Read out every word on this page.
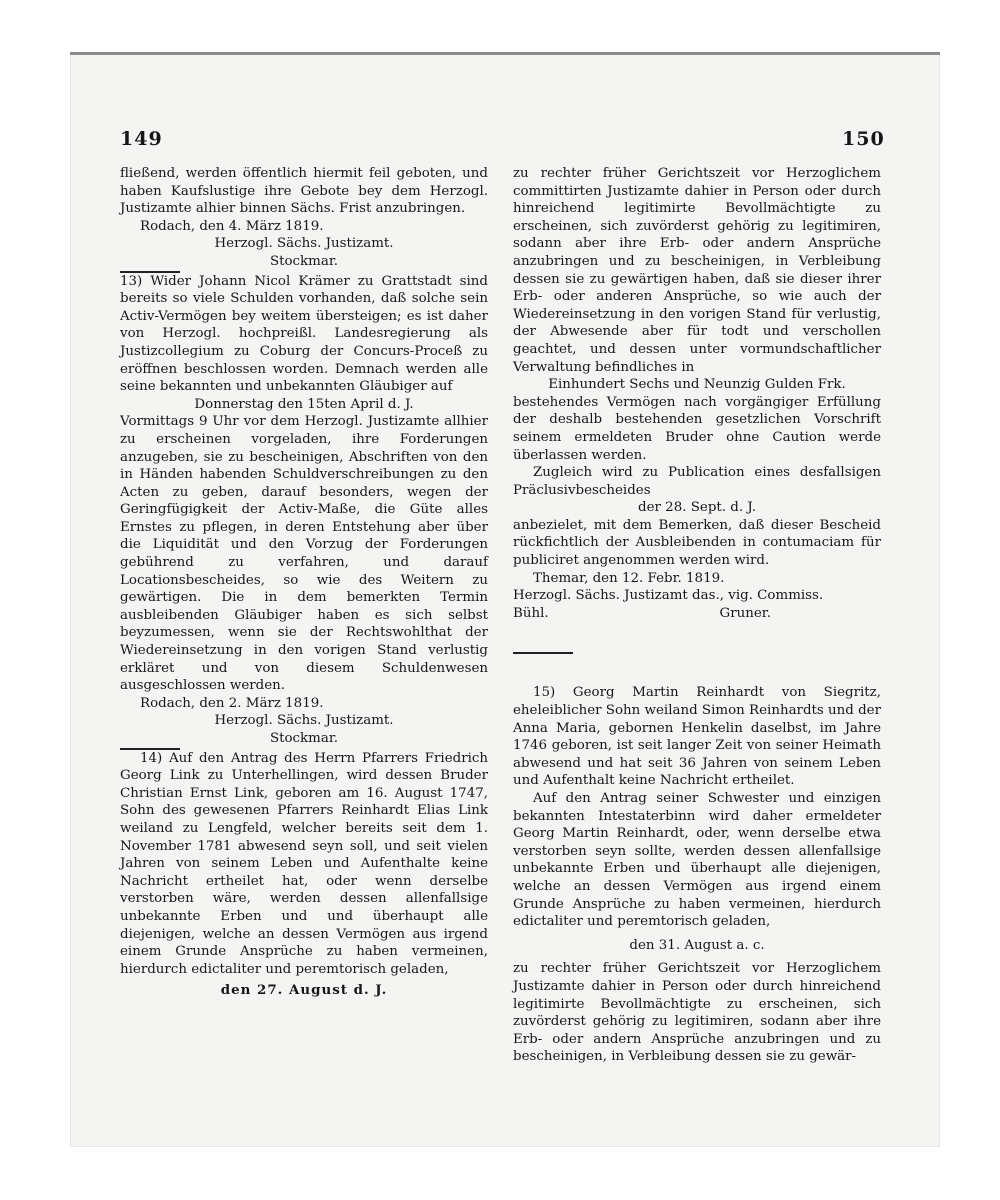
149	150

fließend, werden öffentlich hiermit feil geboten, und haben Kaufslustige ihre Gebote bey dem Herzogl. Justizamte alhier binnen Sächs. Frist anzubringen.

Rodach, den 4. März 1819.

Herzogl. Sächs. Justizamt.

Stockmar.

13) Wider Johann Nicol Krämer zu Grattstadt sind bereits so viele Schulden vorhanden, daß solche sein Activ-Vermögen bey weitem übersteigen; es ist daher von Herzogl. hochpreißl. Landesregierung als Justizcollegium zu Coburg der Concurs-Proceß zu eröffnen beschlossen worden. Demnach werden alle seine bekannten und unbekannten Gläubiger auf

Donnerstag den 15ten April d. J.

Vormittags 9 Uhr vor dem Herzogl. Justizamte allhier zu erscheinen vorgeladen, ihre Forderungen anzugeben, sie zu bescheinigen, Abschriften von den in Händen habenden Schuldverschreibungen zu den Acten zu geben, darauf besonders, wegen der Geringfügigkeit der Activ-Maße, die Güte alles Ernstes zu pflegen, in deren Entstehung aber über die Liquidität und den Vorzug der Forderungen gebührend zu verfahren, und darauf Locationsbescheides, so wie des Weitern zu gewärtigen. Die in dem bemerkten Termin ausbleibenden Gläubiger haben es sich selbst beyzumessen, wenn sie der Rechtswohlthat der Wiedereinsetzung in den vorigen Stand verlustig erkläret und von diesem Schuldenwesen ausgeschlossen werden.

Rodach, den 2. März 1819.

Herzogl. Sächs. Justizamt.

Stockmar.

14) Auf den Antrag des Herrn Pfarrers Friedrich Georg Link zu Unterhellingen, wird dessen Bruder Christian Ernst Link, geboren am 16. August 1747, Sohn des gewesenen Pfarrers Reinhardt Elias Link weiland zu Lengfeld, welcher bereits seit dem 1. November 1781 abwesend seyn soll, und seit vielen Jahren von seinem Leben und Aufenthalte keine Nachricht ertheilet hat, oder wenn derselbe verstorben wäre, werden dessen allenfallsige unbekannte Erben und und überhaupt alle diejenigen, welche an dessen Vermögen aus irgend einem Grunde Ansprüche zu haben vermeinen, hierdurch edictaliter und peremtorisch geladen,

den 27. August d. J.

zu rechter früher Gerichtszeit vor Herzoglichem committirten Justizamte dahier in Person oder durch hinreichend legitimirte Bevollmächtigte zu erscheinen, sich zuvörderst gehörig zu legitimiren, sodann aber ihre Erb- oder andern Ansprüche anzubringen und zu bescheinigen, in Verbleibung dessen sie zu gewärtigen haben, daß sie dieser ihrer Erb- oder anderen Ansprüche, so wie auch der Wiedereinsetzung in den vorigen Stand für verlustig, der Abwesende aber für todt und verschollen geachtet, und dessen unter vormundschaftlicher Verwaltung befindliches in

Einhundert Sechs und Neunzig Gulden Frk.

bestehendes Vermögen nach vorgängiger Erfüllung der deshalb bestehenden gesetzlichen Vorschrift seinem ermeldeten Bruder ohne Caution werde überlassen werden.

Zugleich wird zu Publication eines desfallsigen Präclusivbescheides

der 28. Sept. d. J.

anbezielet, mit dem Bemerken, daß dieser Bescheid rückfichtlich der Ausbleibenden in contumaciam für publiciret angenommen werden wird.

Themar, den 12. Febr. 1819.

Herzogl. Sächs. Justizamt das., vig. Commiss.

Bühl.	Gruner.

15) Georg Martin Reinhardt von Siegritz, eheleiblicher Sohn weiland Simon Reinhardts und der Anna Maria, gebornen Henkelin daselbst, im Jahre 1746 geboren, ist seit langer Zeit von seiner Heimath abwesend und hat seit 36 Jahren von seinem Leben und Aufenthalt keine Nachricht ertheilet.

Auf den Antrag seiner Schwester und einzigen bekannten Intestaterbinn wird daher ermeldeter Georg Martin Reinhardt, oder, wenn derselbe etwa verstorben seyn sollte, werden dessen allenfallsige unbekannte Erben und überhaupt alle diejenigen, welche an dessen Vermögen aus irgend einem Grunde Ansprüche zu haben vermeinen, hierdurch edictaliter und peremtorisch geladen,

den 31. August a. c.

zu rechter früher Gerichtszeit vor Herzoglichem Justizamte dahier in Person oder durch hinreichend legitimirte Bevollmächtigte zu erscheinen, sich zuvörderst gehörig zu legitimiren, sodann aber ihre Erb- oder andern Ansprüche anzubringen und zu bescheinigen, in Verbleibung dessen sie zu gewär-
